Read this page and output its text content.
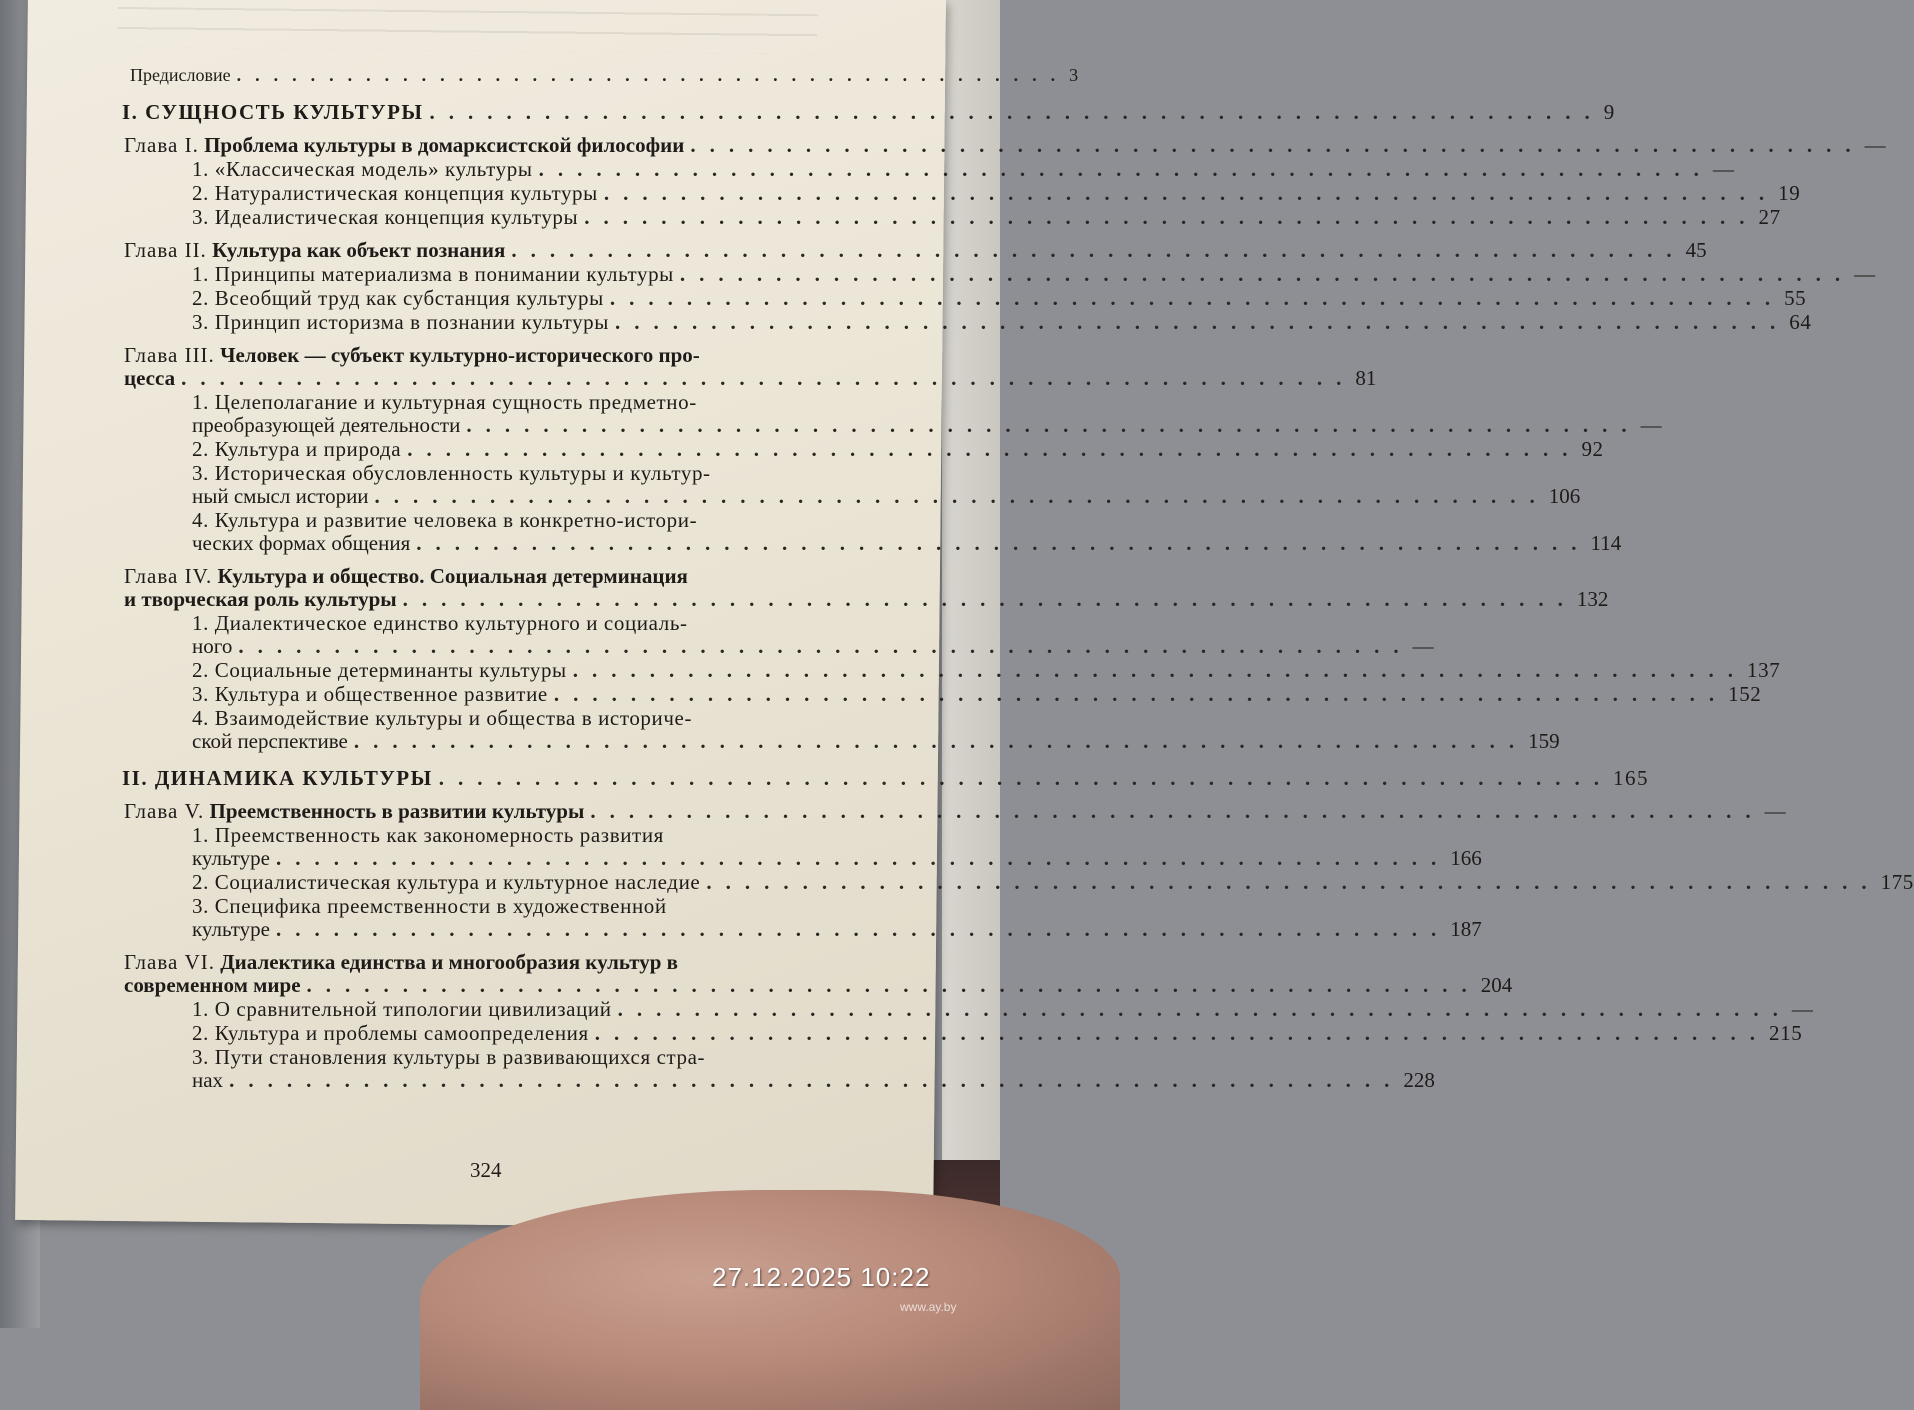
Предисловие ............................................. 3
I. СУЩНОСТЬ КУЛЬТУРЫ ............................................................. 9
Глава I. Проблема культуры в домарксистской философии ............................................................. —
1. «Классическая модель» культуры ............................................................. —
2. Натуралистическая концепция культуры ............................................................. 19
3. Идеалистическая концепция культуры ............................................................. 27
Глава II. Культура как объект познания ............................................................. 45
1. Принципы материализма в понимании культуры ............................................................. —
2. Всеобщий труд как субстанция культуры ............................................................. 55
3. Принцип историзма в познании культуры ............................................................. 64
Глава III. Человек — субъект культурно-исторического про-
цесса ............................................................. 81
1. Целеполагание и культурная сущность предметно-
преобразующей деятельности ............................................................. —
2. Культура и природа ............................................................. 92
3. Историческая обусловленность культуры и культур-
ный смысл истории ............................................................. 106
4. Культура и развитие человека в конкретно-истори-
ческих формах общения ............................................................. 114
Глава IV. Культура и общество. Социальная детерминация
и творческая роль культуры ............................................................. 132
1. Диалектическое единство культурного и социаль-
ного ............................................................. —
2. Социальные детерминанты культуры ............................................................. 137
3. Культура и общественное развитие ............................................................. 152
4. Взаимодействие культуры и общества в историче-
ской перспективе ............................................................. 159
II. ДИНАМИКА КУЛЬТУРЫ ............................................................. 165
Глава V. Преемственность в развитии культуры ............................................................. —
1. Преемственность как закономерность развития
культуре ............................................................. 166
2. Социалистическая культура и культурное наследие ............................................................. 175
3. Специфика преемственности в художественной
культуре ............................................................. 187
Глава VI. Диалектика единства и многообразия культур в
современном мире ............................................................. 204
1. О сравнительной типологии цивилизаций ............................................................. —
2. Культура и проблемы самоопределения ............................................................. 215
3. Пути становления культуры в развивающихся стра-
нах ............................................................. 228
324
27.12.2025 10:22
www.ay.by
